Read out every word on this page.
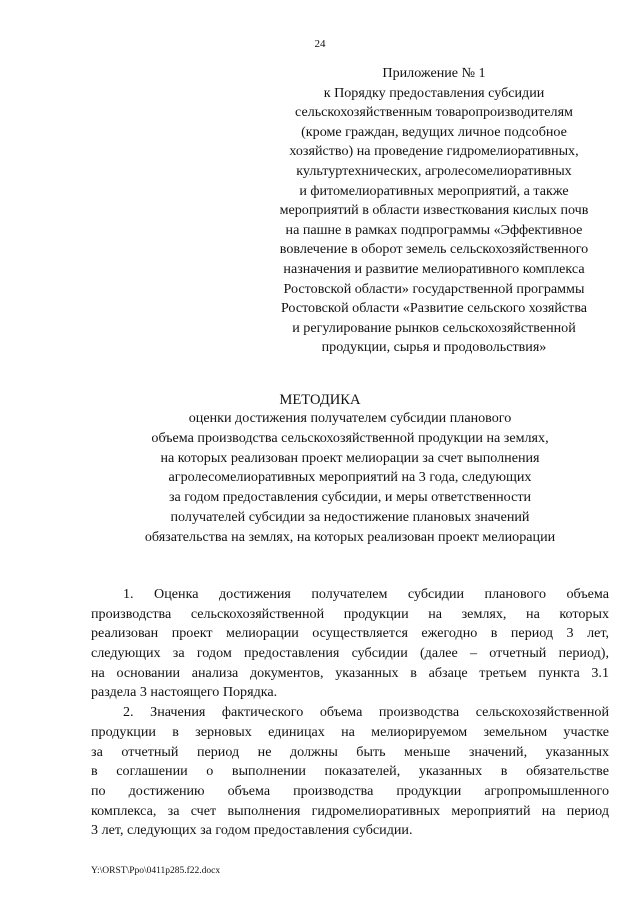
24
Приложение № 1
к Порядку предоставления субсидии
сельскохозяйственным товаропроизводителям
(кроме граждан, ведущих личное подсобное
хозяйство) на проведение гидромелиоративных,
культуртехнических, агролесомелиоративных
и фитомелиоративных мероприятий, а также
мероприятий в области известкования кислых почв
на пашне в рамках подпрограммы «Эффективное
вовлечение в оборот земель сельскохозяйственного
назначения и развитие мелиоративного комплекса
Ростовской области» государственной программы
Ростовской области «Развитие сельского хозяйства
и регулирование рынков сельскохозяйственной
продукции, сырья и продовольствия»
МЕТОДИКА
оценки достижения получателем субсидии планового
объема производства сельскохозяйственной продукции на землях,
на которых реализован проект мелиорации за счет выполнения
агролесомелиоративных мероприятий на 3 года, следующих
за годом предоставления субсидии, и меры ответственности
получателей субсидии за недостижение плановых значений
обязательства на землях, на которых реализован проект мелиорации
1. Оценка достижения получателем субсидии планового объема
производства сельскохозяйственной продукции на землях, на которых
реализован проект мелиорации осуществляется ежегодно в период 3 лет,
следующих за годом предоставления субсидии (далее – отчетный период),
на основании анализа документов, указанных в абзаце третьем пункта 3.1
раздела 3 настоящего Порядка.
2. Значения фактического объема производства сельскохозяйственной
продукции в зерновых единицах на мелиорируемом земельном участке
за отчетный период не должны быть меньше значений, указанных
в соглашении о выполнении показателей, указанных в обязательстве
по достижению объема производства продукции агропромышленного
комплекса, за счет выполнения гидромелиоративных мероприятий на период
3 лет, следующих за годом предоставления субсидии.
Y:\ORST\Ppo\0411p285.f22.docx
